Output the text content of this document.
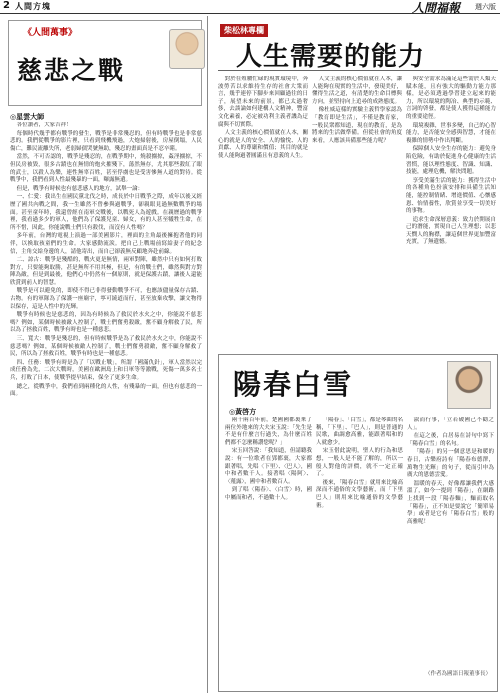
2 人間方塊	人間福報 週六版
《人間萬事》
慈悲之戰
◎星雲大師

各位讀者，大家吉祥！

每個時代幾乎都有戰爭的發生，戰爭是非常殘忍的，但有時戰爭也是非常慈悲的。我們從戰爭的影片裡，只看到飛機飛過，大炮掃射後，房屋倒塌，人民傷亡，難民流離失所，老弱婦孺哭號無助，殘忍的畫面真是不忍卒睹。

當然，不可否認的，戰爭是殘忍的，在戰爭期中，燒殺擄掠，姦淫擄掠，不但民房被毀，很多古蹟也在無情的炮火摧殘下，蕩然無存，尤其那些殺紅了眼的武士，以殺人為樂，連性無辜百姓，甚至俘虜也是受害慘無人道的對待。從戰爭中，我們看到人性最殘暴的一面，曝露無遺。

但是，戰爭有時候也有慈悲感人的地方，試舉一論：

一、仁愛：我出生在國民黨北伐之時，成長於中日戰爭之際，成年以後又經歷了國共內戰之間，我一生雖然不曾參與過戰爭，卻親眼見過無數戰爭的場面。甚至童年時，我還曾經在南軍交戰後，以戰死人為遊戲。在親歷過的戰爭裡，我看過多少的軍人，他們為了保護兒童、婦女，有的人甚至犧牲生命，在所不惜，因此，你能說戰士們只有殺伐，而沒有人性嗎？

多年前，台灣的電視上演過一部美國影片，裡面的主角最後擁抱著他的同伴，以換取孩童們的生命。大家感動流淚。把自己上戰場前寫給妻子的紀念信，主角交給身邊的人，請他寄出，而自己卻義無反顧地奔赴前線。

二、諒古：戰爭是殘酷的，戰火更是無情，兩軍對陣，雖然中只有如何打敗對方，只要能夠取勝，甚是無所不用其極，但是，有的戰士們，雖然與對方對陣為敵，但是到最後，他們心中仍然有一個原則，就是保護古蹟，讓後人還能欣賞到前人的智慧。

戰爭是可以避免的，即使不得已非得發動戰爭不可，也應該儘量保存古蹟、古物。有的軍隊為了保護一座廟宇，寧可繞道而行，甚至放棄攻擊，讓文物得以保存，這是人性中的光輝。

戰爭有時候也是慈悲的，因為有時候為了救民於水火之中，你能說不慈悲嗎？例如，某個時候被敵人控制了，戰士們奮勇殺敵，奮不顧身解救了民，所以為了拯救百姓，戰爭有時也是一種慈悲。

三、寬大：戰爭是殘忍的，但有時候戰爭是為了救民於水火之中，你能說不慈悲嗎？例如，某個時候被敵人控制了，戰士們奮勇殺敵，奮不顧身解救了民，所以為了拯救百姓，戰爭有時也是一種慈悲。

四、任務：戰爭有時是為了「以戰止戰」，所謂「國滿仇針」，軍人當然以完成任務為先，二次大戰時，美國在歐洲島上和日軍等等激戰，死傷一萬多名士兵，打敗了日本，使戰爭提早結束，保全了更多生命。

總之，從戰爭中，我們看到兩種化的人性，有殘暴的一面，但也有慈悲的一面。

柴松林專欄
人生需要的能力

對於在殖屬忙碌的現實環境中，奔波勞苦以求維持生存的社會大衆而言，幾乎連停下腳步來回顧過往的日子，展望未來的前景，都已太過奢侈，去談論如何建構人文精神，豐富文化素養，必定被功利主義者譏為迂腐與不切實際。

人文主義的核心價值就在人本，關心的就是人的安全、人的愉悅、人的貢獻、人的尊嚴和價值；其目的就是使人能夠過著圓滿且有意義的人生。

人文主義的核心價值就在人本，讓人能夠在現實的生活中，發現美好，懂得生活之道，有清楚的生命目標與方向，並堅持向上追尋的成熟態度。

像杜威這樣的實驗主義哲學家認為「教育即是生活」，不僅是教育家，一般民衆都知道，現在的教育，是為將來的生活做準備。但從社會的角度來看，人應該具備那些能力呢？

與安全需求為滿足這些需於人類天賦本能，且有強大的驅動力能力那樣，是必須透過學習建立起來的能力，所以環境的陶冶、典型的示範、言詞的啓發，都是使人獲得這種能力的重要途徑。

環境複雜，世事多變，自己的心智能力，是否能安全感與智慧，才能在複雜的情勢中作出判斷。

保障個人安全生存的能力：避免身陷危險，有助於促進身心健康的生活習慣，能以理性態度、智識、知識、技能，處理危機，解決問題。

享受美滿生活的能力：獲得生活中的各種角色扮演安排和具備生活知能，能控制情緒、增進價值、心懷感恩、怡情養性，欣賞並享受一切美好的事物。

追求生命深層意義：致力於開展自己的潛能，實現自己人生理想；以悲天憫人的胸襟，讓這個世界更加豐富充實，了無遺憾。

陽春白雪
◎黃啓方

兩千兩百年前，楚國國都裏來了兩位外地來的大夫宋玉說：「先生是不是有什麼言行過失，為什麼百姓們都不怎麼稱讚您呢？」

宋玉回答說：「我知道，但請聽我說：有一位歌者在郢都裏，大家都跟著唱，先唱〈下里〉、〈巴人〉，國中和者數千人。接著唱〈陽阿〉、〈薤露〉，國中和者數百人。

到了唱〈陽春〉、〈白雪〉時，國中屬而和者，不過數十人。

「陽春」、「白雪」，都是琴曲的名稱，「下里」、「巴人」，則是普通的民歌，曲調愈高雅，能跟著唱和的人就愈少。

宋玉借此說明，聖人的行為和思想，一般人是不能了解的，所以一般人對他的評價，就不一定正確了。

後來，「陽春白雪」就用來比喻高深而不通俗的文學藝術，而「下里巴人」則用來比喻通俗的文學藝術。

淑而行事，「立若破國己不勸之人」。

在這之後，白居易在詩句中寫下「陽春白雪」的名句。

「陽春」的另一個意思是和暖的春日，古樂府詩有「陽春布德澤，萬物生光輝」的句子，從而引申為廣大的恩德雲愛。

溫暖的春天，好像都讓我們大感溫了，如今一提到「陽春」，在網路上找到一段「陽春麵」，麵而取名「陽春」，正不知是要說它「簡單易學」或者是它有「陽春白雪」般的高雅呢！

（作者為國語日報董事長）
